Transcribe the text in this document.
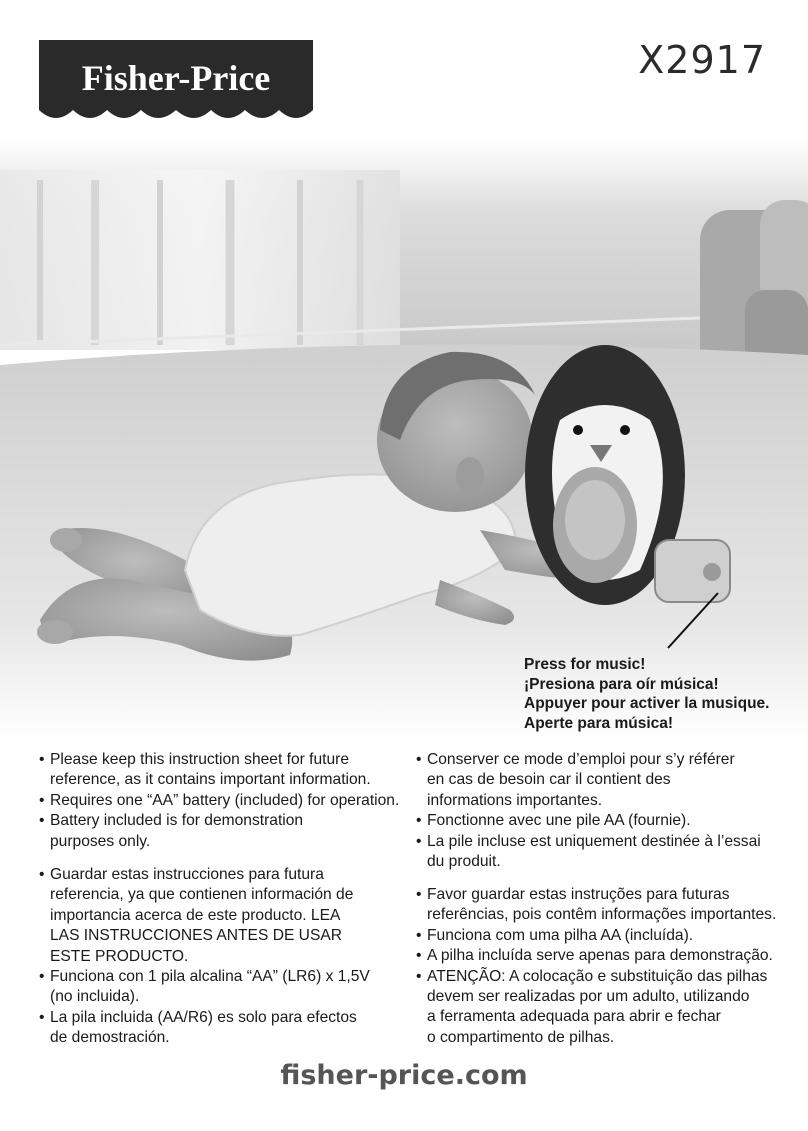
Fisher-Price	X2917
Press for music!
¡Presiona para oír música!
Appuyer pour activer la musique.
Aperte para música!
• Please keep this instruction sheet for future
reference, as it contains important information.
• Requires one “AA” battery (included) for operation.
• Battery included is for demonstration
purposes only.
• Guardar estas instrucciones para futura
referencia, ya que contienen información de
importancia acerca de este producto. LEA
LAS INSTRUCCIONES ANTES DE USAR
ESTE PRODUCTO.
• Funciona con 1 pila alcalina “AA” (LR6) x 1,5V
(no incluida).
• La pila incluida (AA/R6) es solo para efectos
de demostración.
• Conserver ce mode d’emploi pour s’y référer
en cas de besoin car il contient des
informations importantes.
• Fonctionne avec une pile AA (fournie).
• La pile incluse est uniquement destinée à l’essai
du produit.
• Favor guardar estas instruções para futuras
referências, pois contêm informações importantes.
• Funciona com uma pilha AA (incluída).
• A pilha incluída serve apenas para demonstração.
• ATENÇÃO: A colocação e substituição das pilhas
devem ser realizadas por um adulto, utilizando
a ferramenta adequada para abrir e fechar
o compartimento de pilhas.
fisher-price.com
